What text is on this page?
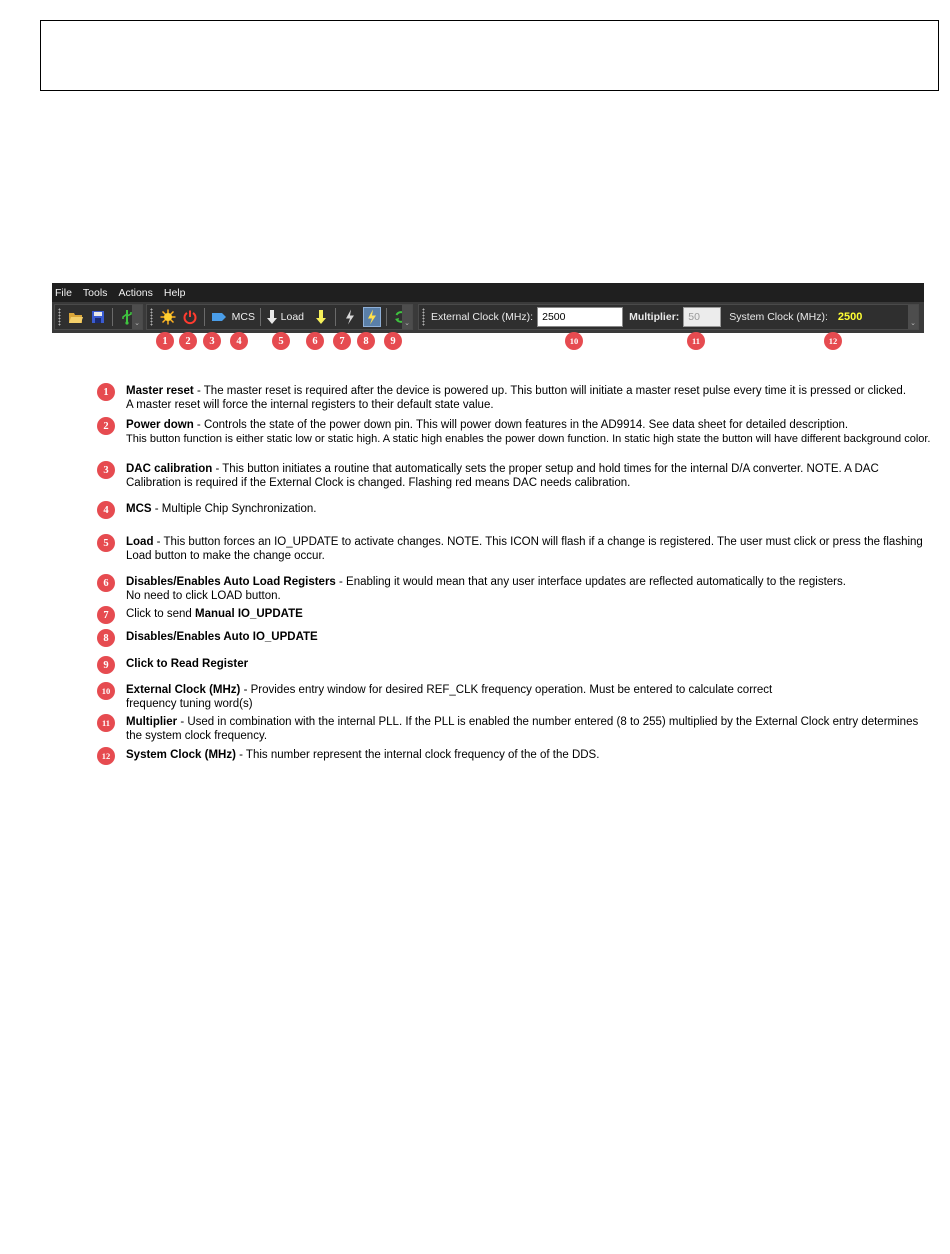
File Tools Actions Help
⌄
MCS Load
⌄
External Clock (MHz):
2500	Multiplier:
50	System Clock (MHz): 2500
⌄
1	2	3	4	5	6	7	8	9	10	11	12
1	Master reset - The master reset is required after the device is powered up. This button will initiate a master reset pulse every time it is pressed or clicked.
A master reset will force the internal registers to their default state value.
2	Power down - Controls the state of the power down pin. This will power down features in the AD9914. See data sheet for detailed description.
This button function is either static low or static high. A static high enables the power down function. In static high state the button will have different background color.
3	DAC calibration - This button initiates a routine that automatically sets the proper setup and hold times for the internal D/A converter. NOTE. A DAC Calibration is required if the External Clock is changed. Flashing red means DAC needs calibration.
4	MCS - Multiple Chip Synchronization.
5	Load - This button forces an IO_UPDATE to activate changes. NOTE. This ICON will flash if a change is registered. The user must click or press the flashing Load button to make the change occur.
6	Disables/Enables Auto Load Registers - Enabling it would mean that any user interface updates are reflected automatically to the registers.
No need to click LOAD button.
7	Click to send Manual IO_UPDATE
8	Disables/Enables Auto IO_UPDATE
9	Click to Read Register
10	External Clock (MHz) - Provides entry window for desired REF_CLK frequency operation. Must be entered to calculate correct
frequency tuning word(s)
11	Multiplier - Used in combination with the internal PLL. If the PLL is enabled the number entered (8 to 255) multiplied by the External Clock entry determines the system clock frequency.
12	System Clock (MHz) - This number represent the internal clock frequency of the of the DDS.
